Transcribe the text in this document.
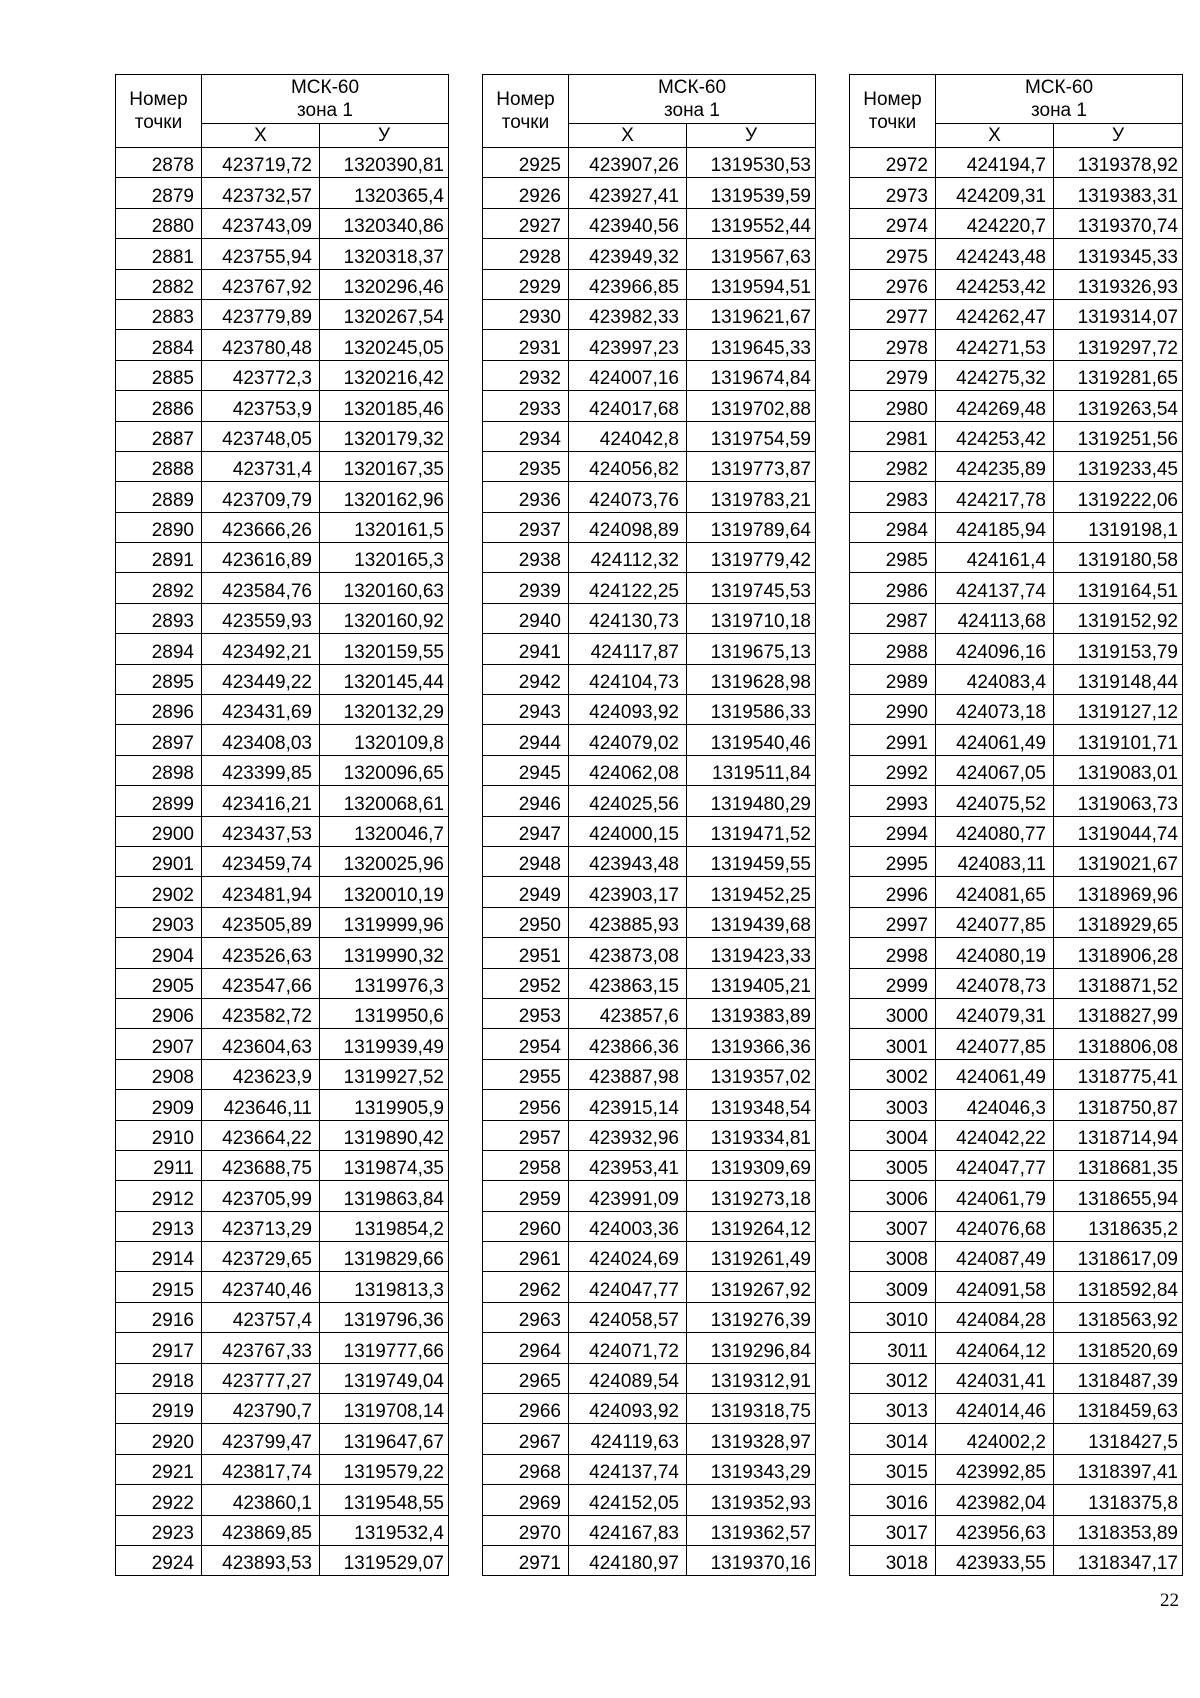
Номер
точки	МСК-60
зона 1	

	Х	У
2878	423719,72	1320390,81
2879	423732,57	1320365,4
2880	423743,09	1320340,86
2881	423755,94	1320318,37
2882	423767,92	1320296,46
2883	423779,89	1320267,54
2884	423780,48	1320245,05
2885	423772,3	1320216,42
2886	423753,9	1320185,46
2887	423748,05	1320179,32
2888	423731,4	1320167,35
2889	423709,79	1320162,96
2890	423666,26	1320161,5
2891	423616,89	1320165,3
2892	423584,76	1320160,63
2893	423559,93	1320160,92
2894	423492,21	1320159,55
2895	423449,22	1320145,44
2896	423431,69	1320132,29
2897	423408,03	1320109,8
2898	423399,85	1320096,65
2899	423416,21	1320068,61
2900	423437,53	1320046,7
2901	423459,74	1320025,96
2902	423481,94	1320010,19
2903	423505,89	1319999,96
2904	423526,63	1319990,32
2905	423547,66	1319976,3
2906	423582,72	1319950,6
2907	423604,63	1319939,49
2908	423623,9	1319927,52
2909	423646,11	1319905,9
2910	423664,22	1319890,42
2911	423688,75	1319874,35
2912	423705,99	1319863,84
2913	423713,29	1319854,2
2914	423729,65	1319829,66
2915	423740,46	1319813,3
2916	423757,4	1319796,36
2917	423767,33	1319777,66
2918	423777,27	1319749,04
2919	423790,7	1319708,14
2920	423799,47	1319647,67
2921	423817,74	1319579,22
2922	423860,1	1319548,55
2923	423869,85	1319532,4
2924	423893,53	1319529,07
Номер
точки	МСК-60
зона 1	

	Х	У
2925	423907,26	1319530,53
2926	423927,41	1319539,59
2927	423940,56	1319552,44
2928	423949,32	1319567,63
2929	423966,85	1319594,51
2930	423982,33	1319621,67
2931	423997,23	1319645,33
2932	424007,16	1319674,84
2933	424017,68	1319702,88
2934	424042,8	1319754,59
2935	424056,82	1319773,87
2936	424073,76	1319783,21
2937	424098,89	1319789,64
2938	424112,32	1319779,42
2939	424122,25	1319745,53
2940	424130,73	1319710,18
2941	424117,87	1319675,13
2942	424104,73	1319628,98
2943	424093,92	1319586,33
2944	424079,02	1319540,46
2945	424062,08	1319511,84
2946	424025,56	1319480,29
2947	424000,15	1319471,52
2948	423943,48	1319459,55
2949	423903,17	1319452,25
2950	423885,93	1319439,68
2951	423873,08	1319423,33
2952	423863,15	1319405,21
2953	423857,6	1319383,89
2954	423866,36	1319366,36
2955	423887,98	1319357,02
2956	423915,14	1319348,54
2957	423932,96	1319334,81
2958	423953,41	1319309,69
2959	423991,09	1319273,18
2960	424003,36	1319264,12
2961	424024,69	1319261,49
2962	424047,77	1319267,92
2963	424058,57	1319276,39
2964	424071,72	1319296,84
2965	424089,54	1319312,91
2966	424093,92	1319318,75
2967	424119,63	1319328,97
2968	424137,74	1319343,29
2969	424152,05	1319352,93
2970	424167,83	1319362,57
2971	424180,97	1319370,16
Номер
точки	МСК-60
зона 1	

	Х	У
2972	424194,7	1319378,92
2973	424209,31	1319383,31
2974	424220,7	1319370,74
2975	424243,48	1319345,33
2976	424253,42	1319326,93
2977	424262,47	1319314,07
2978	424271,53	1319297,72
2979	424275,32	1319281,65
2980	424269,48	1319263,54
2981	424253,42	1319251,56
2982	424235,89	1319233,45
2983	424217,78	1319222,06
2984	424185,94	1319198,1
2985	424161,4	1319180,58
2986	424137,74	1319164,51
2987	424113,68	1319152,92
2988	424096,16	1319153,79
2989	424083,4	1319148,44
2990	424073,18	1319127,12
2991	424061,49	1319101,71
2992	424067,05	1319083,01
2993	424075,52	1319063,73
2994	424080,77	1319044,74
2995	424083,11	1319021,67
2996	424081,65	1318969,96
2997	424077,85	1318929,65
2998	424080,19	1318906,28
2999	424078,73	1318871,52
3000	424079,31	1318827,99
3001	424077,85	1318806,08
3002	424061,49	1318775,41
3003	424046,3	1318750,87
3004	424042,22	1318714,94
3005	424047,77	1318681,35
3006	424061,79	1318655,94
3007	424076,68	1318635,2
3008	424087,49	1318617,09
3009	424091,58	1318592,84
3010	424084,28	1318563,92
3011	424064,12	1318520,69
3012	424031,41	1318487,39
3013	424014,46	1318459,63
3014	424002,2	1318427,5
3015	423992,85	1318397,41
3016	423982,04	1318375,8
3017	423956,63	1318353,89
3018	423933,55	1318347,17
22
